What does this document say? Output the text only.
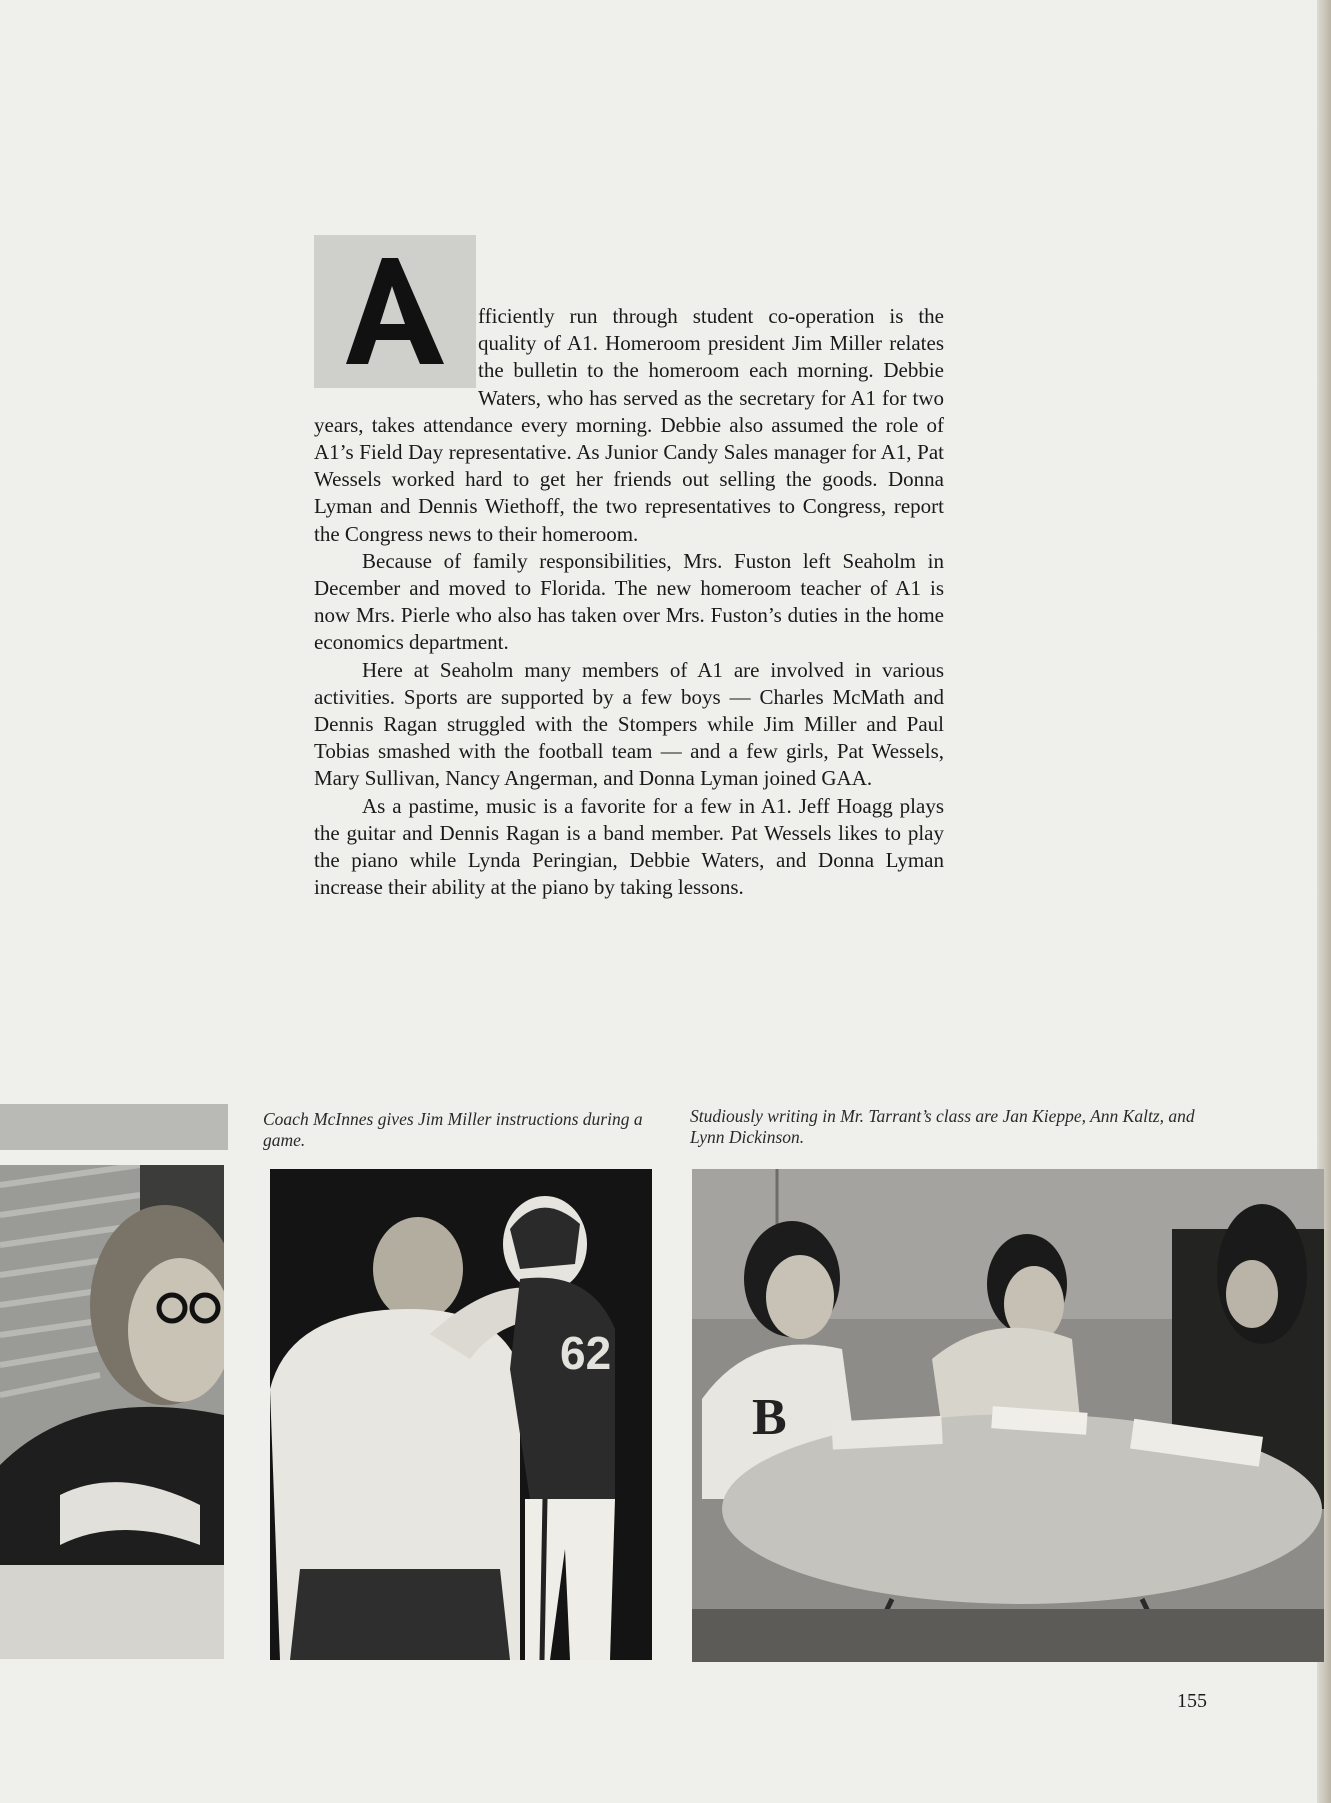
fficiently run through student co-operation is the quality of A1. Homeroom president Jim Miller relates the bulletin to the homeroom each morning. Debbie Waters, who has served as the secretary for A1 for two years, takes attendance every morning. Debbie also assumed the role of A1’s Field Day representative. As Junior Candy Sales manager for A1, Pat Wessels worked hard to get her friends out selling the goods. Donna Lyman and Dennis Wiethoff, the two representatives to Congress, report the Congress news to their homeroom.

Because of family responsibilities, Mrs. Fuston left Seaholm in December and moved to Florida. The new homeroom teacher of A1 is now Mrs. Pierle who also has taken over Mrs. Fuston’s duties in the home economics department.

Here at Seaholm many members of A1 are involved in various activities. Sports are supported by a few boys — Charles McMath and Dennis Ragan struggled with the Stompers while Jim Miller and Paul Tobias smashed with the football team — and a few girls, Pat Wessels, Mary Sullivan, Nancy Angerman, and Donna Lyman joined GAA.

As a pastime, music is a favorite for a few in A1. Jeff Hoagg plays the guitar and Dennis Ragan is a band member. Pat Wessels likes to play the piano while Lynda Peringian, Debbie Waters, and Donna Lyman increase their ability at the piano by taking lessons.

Coach McInnes gives Jim Miller instructions during a game.
Studiously writing in Mr. Tarrant’s class are Jan Kieppe, Ann Kaltz, and Lynn Dickinson.
62
B
155
